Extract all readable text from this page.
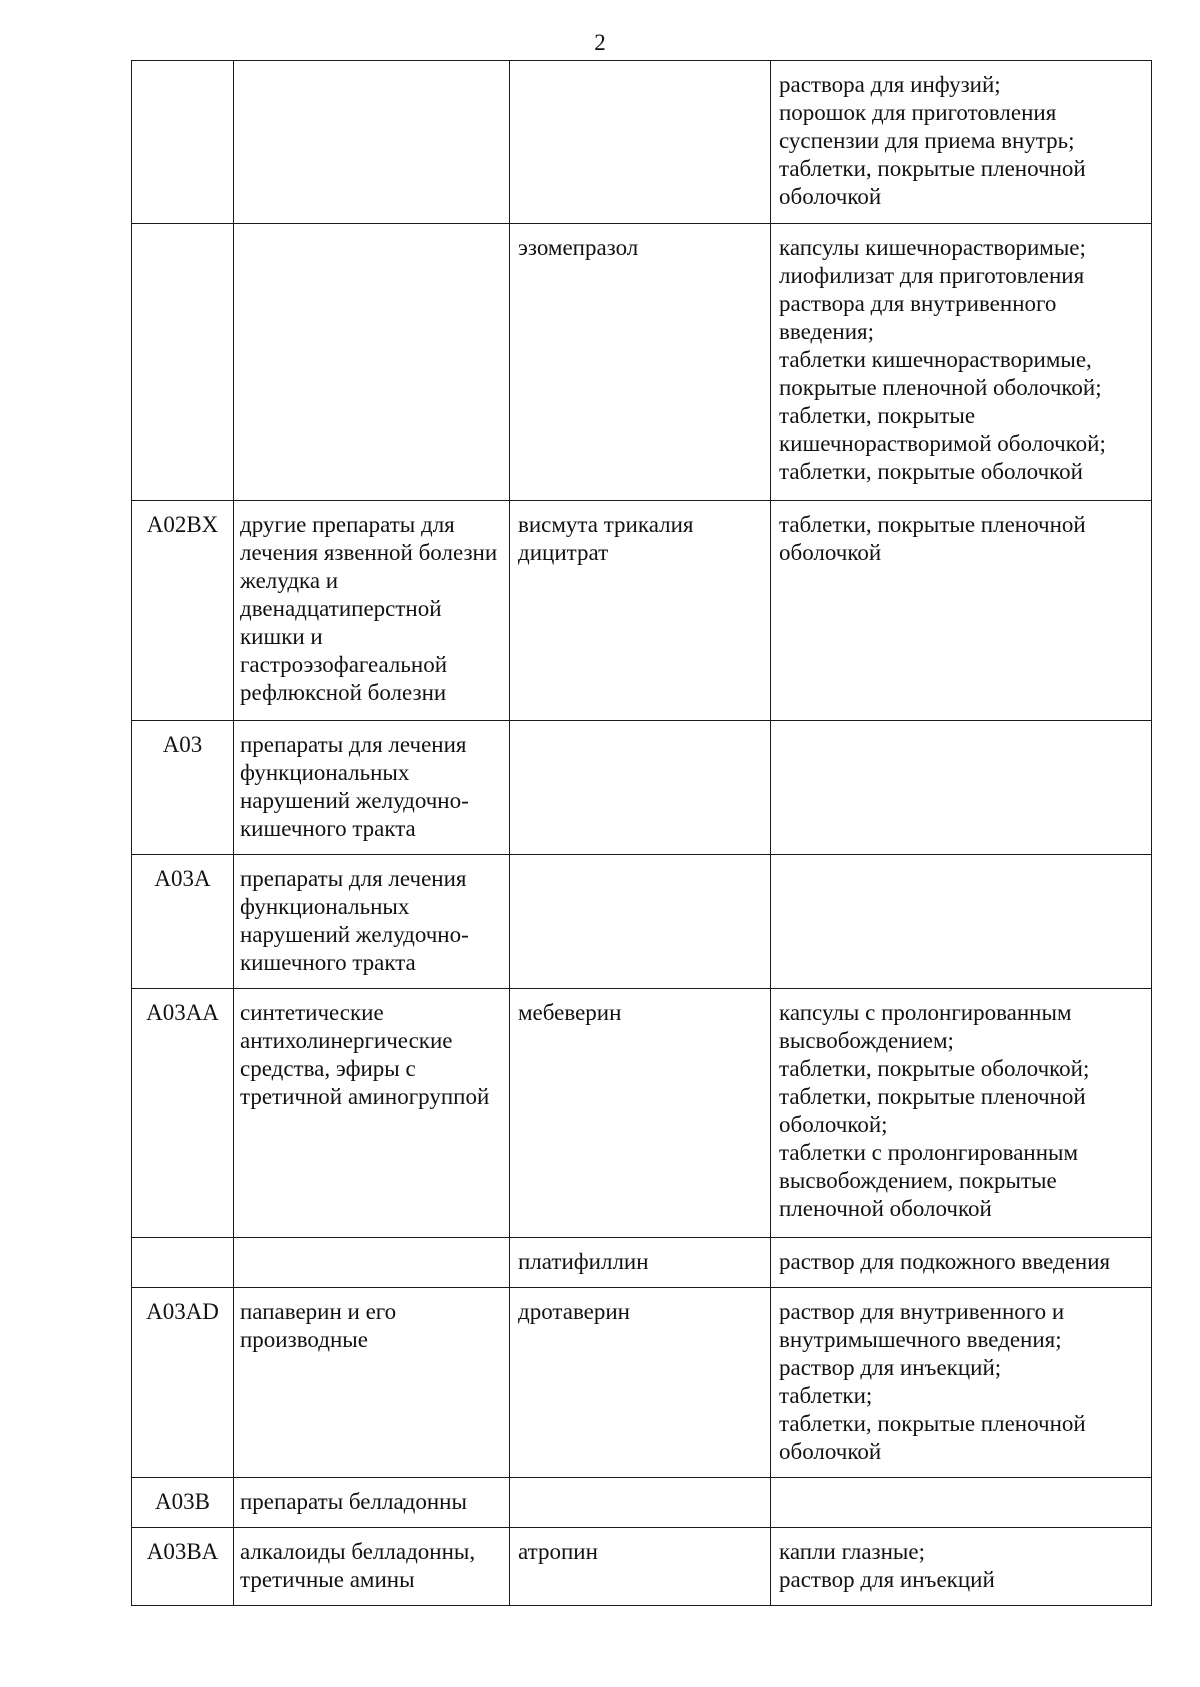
2
			раствора для инфузий;
порошок для приготовления суспензии для приема внутрь;
таблетки, покрытые пленочной оболочкой
		эзомепразол	капсулы кишечнорастворимые;
лиофилизат для приготовления раствора для внутривенного введения;
таблетки кишечнорастворимые, покрытые пленочной оболочкой;
таблетки, покрытые кишечнорастворимой оболочкой;
таблетки, покрытые оболочкой
A02BX	другие препараты для лечения язвенной болезни желудка и двенадцатиперстной кишки и гастроэзофагеальной рефлюксной болезни	висмута трикалия дицитрат	таблетки, покрытые пленочной оболочкой
A03	препараты для лечения функциональных нарушений желудочно-кишечного тракта		
A03A	препараты для лечения функциональных нарушений желудочно-кишечного тракта		
A03AA	синтетические антихолинергические средства, эфиры с третичной аминогруппой	мебеверин	капсулы с пролонгированным высвобождением;
таблетки, покрытые оболочкой;
таблетки, покрытые пленочной оболочкой;
таблетки с пролонгированным высвобождением, покрытые пленочной оболочкой
		платифиллин	раствор для подкожного введения
A03AD	папаверин и его производные	дротаверин	раствор для внутривенного и внутримышечного введения;
раствор для инъекций;
таблетки;
таблетки, покрытые пленочной оболочкой
A03B	препараты белладонны		
A03BA	алкалоиды белладонны, третичные амины	атропин	капли глазные;
раствор для инъекций
